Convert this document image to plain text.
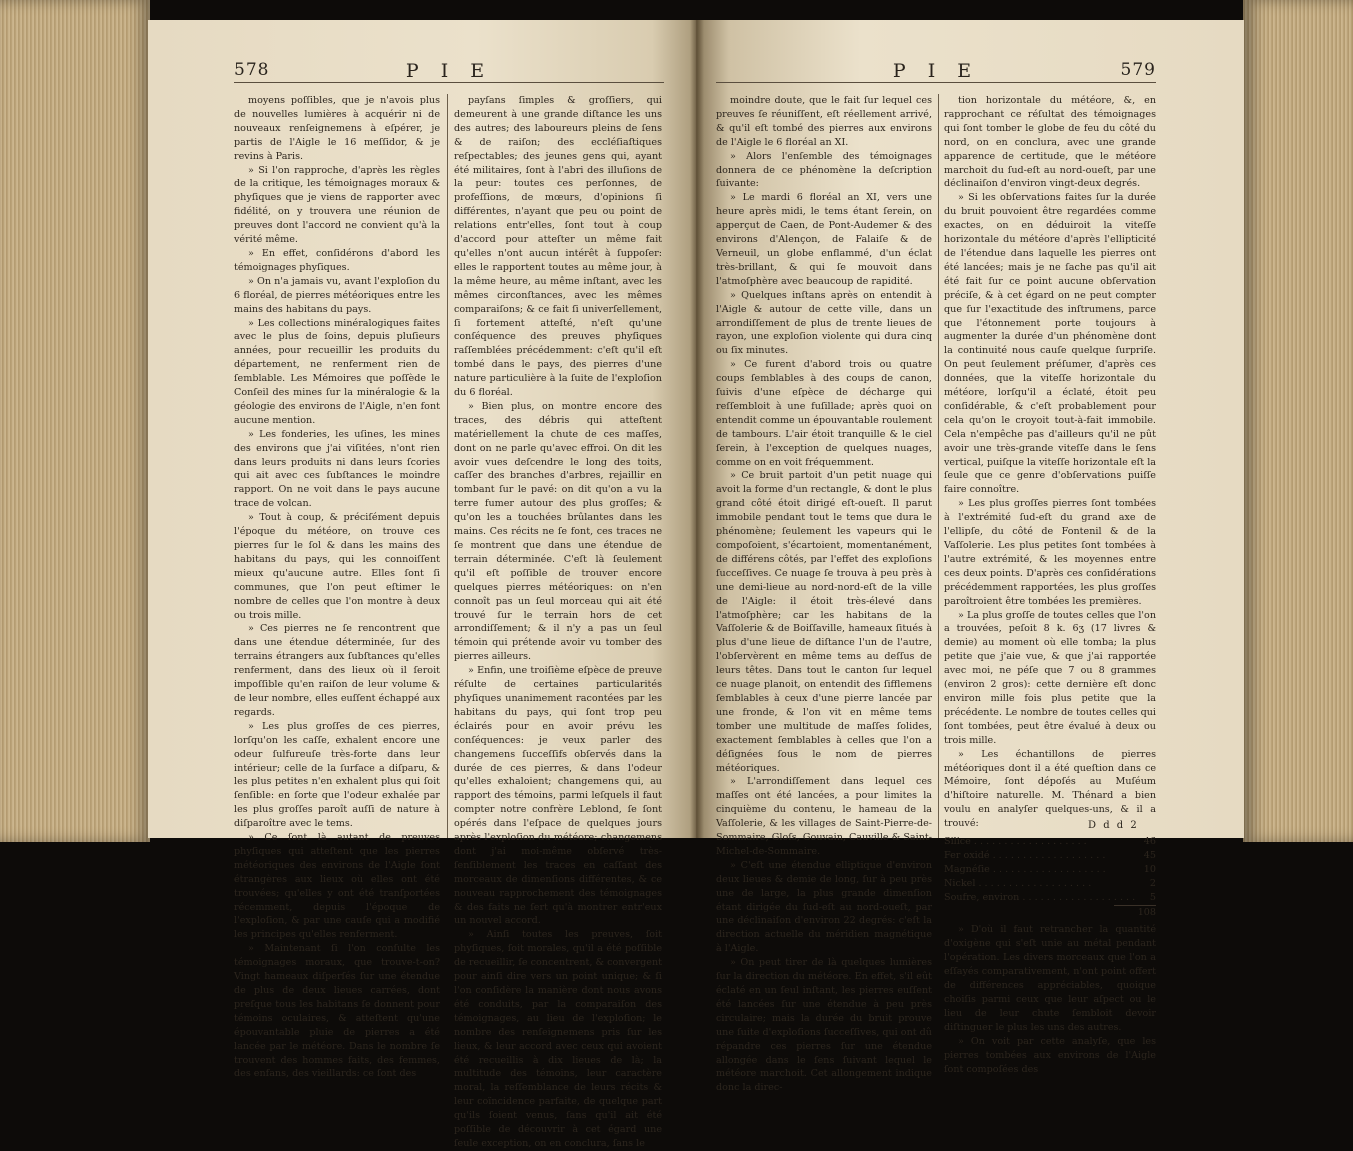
578	P I E

moyens poſſibles, que je n'avois plus de nouvelles lumières à acquérir ni de nouveaux renſeignemens à eſpérer, je partis de l'Aigle le 16 meſſidor, & je revins à Paris.

» Si l'on rapproche, d'après les règles de la critique, les témoignages moraux & phyſiques que je viens de rapporter avec fidélité, on y trouvera une réunion de preuves dont l'accord ne convient qu'à la vérité même.

» En effet, conſidérons d'abord les témoignages phyſiques.

» On n'a jamais vu, avant l'exploſion du 6 floréal, de pierres météoriques entre les mains des habitans du pays.

» Les collections minéralogiques faites avec le plus de ſoins, depuis pluſieurs années, pour recueillir les produits du département, ne renferment rien de ſemblable. Les Mémoires que poſſède le Conſeil des mines ſur la minéralogie & la géologie des environs de l'Aigle, n'en font aucune mention.

» Les fonderies, les uſines, les mines des environs que j'ai viſitées, n'ont rien dans leurs produits ni dans leurs ſcories qui ait avec ces ſubſtances le moindre rapport. On ne voit dans le pays aucune trace de volcan.

» Tout à coup, & préciſément depuis l'époque du météore, on trouve ces pierres ſur le ſol & dans les mains des habitans du pays, qui les connoiſſent mieux qu'aucune autre. Elles ſont ſi communes, que l'on peut eſtimer le nombre de celles que l'on montre à deux ou trois mille.

» Ces pierres ne ſe rencontrent que dans une étendue déterminée, ſur des terrains étrangers aux ſubſtances qu'elles renferment, dans des lieux où il ſeroit impoſſible qu'en raiſon de leur volume & de leur nombre, elles euſſent échappé aux regards.

» Les plus groſſes de ces pierres, lorſqu'on les caſſe, exhalent encore une odeur ſulfureuſe très-forte dans leur intérieur; celle de la ſurface a diſparu, & les plus petites n'en exhalent plus qui ſoit ſenſible: en ſorte que l'odeur exhalée par les plus groſſes paroît auſſi de nature à diſparoître avec le tems.

» Ce ſont là autant de preuves phyſiques qui atteſtent que les pierres météoriques des environs de l'Aigle ſont étrangères aux lieux où elles ont été trouvées; qu'elles y ont été tranſportées récemment, depuis l'époque de l'exploſion, & par une cauſe qui a modifié les principes qu'elles renferment.

» Maintenant ſi l'on conſulte les témoignages moraux, que trouve-t-on? Vingt hameaux diſperſés ſur une étendue de plus de deux lieues carrées, dont preſque tous les habitans ſe donnent pour témoins oculaires, & atteſtent qu'une épouvantable pluie de pierres a été lancée par le météore. Dans le nombre ſe trouvent des hommes faits, des femmes, des enfans, des vieillards: ce ſont des

payſans ſimples & groſſiers, qui demeurent à une grande diſtance les uns des autres; des laboureurs pleins de ſens & de raiſon; des eccléſiaſtiques reſpectables; des jeunes gens qui, ayant été militaires, ſont à l'abri des illuſions de la peur: toutes ces perſonnes, de profeſſions, de mœurs, d'opinions ſi différentes, n'ayant que peu ou point de relations entr'elles, ſont tout à coup d'accord pour atteſter un même fait qu'elles n'ont aucun intérêt à ſuppoſer: elles le rapportent toutes au même jour, à la même heure, au même inſtant, avec les mêmes circonſtances, avec les mêmes comparaiſons; & ce fait ſi univerſellement, ſi fortement atteſté, n'eſt qu'une conſéquence des preuves phyſiques raſſemblées précédemment: c'eſt qu'il eſt tombé dans le pays, des pierres d'une nature particulière à la ſuite de l'exploſion du 6 floréal.

» Bien plus, on montre encore des traces, des débris qui atteſtent matériellement la chute de ces maſſes, dont on ne parle qu'avec effroi. On dit les avoir vues deſcendre le long des toits, caſſer des branches d'arbres, rejaillir en tombant ſur le pavé: on dit qu'on a vu la terre fumer autour des plus groſſes; & qu'on les a touchées brûlantes dans les mains. Ces récits ne ſe font, ces traces ne ſe montrent que dans une étendue de terrain déterminée. C'eſt là ſeulement qu'il eſt poſſible de trouver encore quelques pierres météoriques: on n'en connoît pas un ſeul morceau qui ait été trouvé ſur le terrain hors de cet arrondiſſement; & il n'y a pas un ſeul témoin qui prétende avoir vu tomber des pierres ailleurs.

» Enfin, une troiſième eſpèce de preuve réſulte de certaines particularités phyſiques unanimement racontées par les habitans du pays, qui ſont trop peu éclairés pour en avoir prévu les conſéquences: je veux parler des changemens ſucceſſifs obſervés dans la durée de ces pierres, & dans l'odeur qu'elles exhaloient; changemens qui, au rapport des témoins, parmi leſquels il faut compter notre confrère Leblond, ſe ſont opérés dans l'eſpace de quelques jours après l'exploſion du météore; changemens dont j'ai moi-même obſervé très-ſenſiblement les traces en caſſant des morceaux de dimenſions différentes, & ce nouveau rapprochement des témoignages & des faits ne ſert qu'à montrer entr'eux un nouvel accord.

» Ainſi toutes les preuves, ſoit phyſiques, ſoit morales, qu'il a été poſſible de recueillir, ſe concentrent, & convergent pour ainſi dire vers un point unique; & ſi l'on conſidère la manière dont nous avons été conduits, par la comparaiſon des témoignages, au lieu de l'exploſion; le nombre des renſeignemens pris ſur les lieux, & leur accord avec ceux qui avoient été recueillis à dix lieues de là; la multitude des témoins, leur caractère moral, la reſſemblance de leurs récits & leur coïncidence parfaite, de quelque part qu'ils ſoient venus, ſans qu'il ait été poſſible de découvrir à cet égard une ſeule exception, on en conclura, ſans le

P I E	579

moindre doute, que le fait ſur lequel ces preuves ſe réuniſſent, eſt réellement arrivé, & qu'il eſt tombé des pierres aux environs de l'Aigle le 6 floréal an XI.

» Alors l'enſemble des témoignages donnera de ce phénomène la deſcription ſuivante:

» Le mardi 6 floréal an XI, vers une heure après midi, le tems étant ſerein, on apperçut de Caen, de Pont-Audemer & des environs d'Alençon, de Falaiſe & de Verneuil, un globe enflammé, d'un éclat très-brillant, & qui ſe mouvoit dans l'atmoſphère avec beaucoup de rapidité.

» Quelques inſtans après on entendit à l'Aigle & autour de cette ville, dans un arrondiſſement de plus de trente lieues de rayon, une exploſion violente qui dura cinq ou ſix minutes.

» Ce furent d'abord trois ou quatre coups ſemblables à des coups de canon, ſuivis d'une eſpèce de décharge qui reſſembloit à une fuſillade; après quoi on entendit comme un épouvantable roulement de tambours. L'air étoit tranquille & le ciel ſerein, à l'exception de quelques nuages, comme on en voit fréquemment.

» Ce bruit partoit d'un petit nuage qui avoit la forme d'un rectangle, & dont le plus grand côté étoit dirigé eſt-oueſt. Il parut immobile pendant tout le tems que dura le phénomène; ſeulement les vapeurs qui le compoſoient, s'écartoient, momentanément, de différens côtés, par l'effet des exploſions ſucceſſives. Ce nuage ſe trouva à peu près à une demi-lieue au nord-nord-eſt de la ville de l'Aigle: il étoit très-élevé dans l'atmoſphère; car les habitans de la Vaſſolerie & de Boiſſaville, hameaux ſitués à plus d'une lieue de diſtance l'un de l'autre, l'obſervèrent en même tems au deſſus de leurs têtes. Dans tout le canton ſur lequel ce nuage planoit, on entendit des ſifflemens ſemblables à ceux d'une pierre lancée par une fronde, & l'on vit en même tems tomber une multitude de maſſes ſolides, exactement ſemblables à celles que l'on a déſignées ſous le nom de pierres météoriques.

» L'arrondiſſement dans lequel ces maſſes ont été lancées, a pour limites la cinquième du contenu, le hameau de la Vaſſolerie, & les villages de Saint-Pierre-de-Sommaire, Gloſs, Gouvain, Cauville & Saint-Michel-de-Sommaire.

» C'eſt une étendue elliptique d'environ deux lieues & demie de long, ſur à peu près une de large, la plus grande dimenſion étant dirigée du ſud-eſt au nord-oueſt, par une déclinaiſon d'environ 22 degrés: c'eſt la direction actuelle du méridien magnétique à l'Aigle.

» On peut tirer de là quelques lumières ſur la direction du météore. En effet, s'il eût éclaté en un ſeul inſtant, les pierres euſſent été lancées ſur une étendue à peu près circulaire; mais la durée du bruit prouve une ſuite d'exploſions ſucceſſives, qui ont dû répandre ces pierres ſur une étendue allongée dans le ſens ſuivant lequel le météore marchoit. Cet allongement indique donc la direc-

tion horizontale du météore, &, en rapprochant ce réſultat des témoignages qui ſont tomber le globe de feu du côté du nord, on en conclura, avec une grande apparence de certitude, que le météore marchoit du ſud-eſt au nord-oueſt, par une déclinaiſon d'environ vingt-deux degrés.

» Si les obſervations faites ſur la durée du bruit pouvoient être regardées comme exactes, on en déduiroit la viteſſe horizontale du météore d'après l'ellipticité de l'étendue dans laquelle les pierres ont été lancées; mais je ne ſache pas qu'il ait été fait ſur ce point aucune obſervation préciſe, & à cet égard on ne peut compter que ſur l'exactitude des inſtrumens, parce que l'étonnement porte toujours à augmenter la durée d'un phénomène dont la continuité nous cauſe quelque ſurpriſe. On peut ſeulement préſumer, d'après ces données, que la viteſſe horizontale du météore, lorſqu'il a éclaté, étoit peu conſidérable, & c'eſt probablement pour cela qu'on le croyoit tout-à-fait immobile. Cela n'empêche pas d'ailleurs qu'il ne pût avoir une très-grande viteſſe dans le ſens vertical, puiſque la viteſſe horizontale eſt la ſeule que ce genre d'obſervations puiſſe faire connoître.

» Les plus groſſes pierres ſont tombées à l'extrémité ſud-eſt du grand axe de l'ellipſe, du côté de Fontenil & de la Vaſſolerie. Les plus petites ſont tombées à l'autre extrémité, & les moyennes entre ces deux points. D'après ces conſidérations précédemment rapportées, les plus groſſes paroîtroient être tombées les premières.

» La plus groſſe de toutes celles que l'on a trouvées, peſoit 8 k. 6ʒ (17 livres & demie) au moment où elle tomba; la plus petite que j'aie vue, & que j'ai rapportée avec moi, ne péſe que 7 ou 8 grammes (environ 2 gros): cette dernière eſt donc environ mille fois plus petite que la précédente. Le nombre de toutes celles qui ſont tombées, peut être évalué à deux ou trois mille.

» Les échantillons de pierres météoriques dont il a été queſtion dans ce Mémoire, ſont dépoſés au Muſéum d'hiſtoire naturelle. M. Thénard a bien voulu en analyſer quelques-uns, & il a trouvé:

Silice . . . . . . . . . . . . . . . . . . .	46
Fer oxidé . . . . . . . . . . . . . . . . . . .	45
Magnéſie . . . . . . . . . . . . . . . . . . .	10
Nickel . . . . . . . . . . . . . . . . . . .	2
Soufre, environ . . . . . . . . . . . . . . . . . . .	5
108

» D'où il faut retrancher la quantité d'oxigène qui s'eſt unie au métal pendant l'opération. Les divers morceaux que l'on a eſſayés comparativement, n'ont point offert de différences appréciables, quoique choiſis parmi ceux que leur aſpect ou le lieu de leur chute ſembloit devoir diſtinguer le plus les uns des autres.

» On voit par cette analyſe, que les pierres tombées aux environs de l'Aigle ſont compoſées des

D d d 2
